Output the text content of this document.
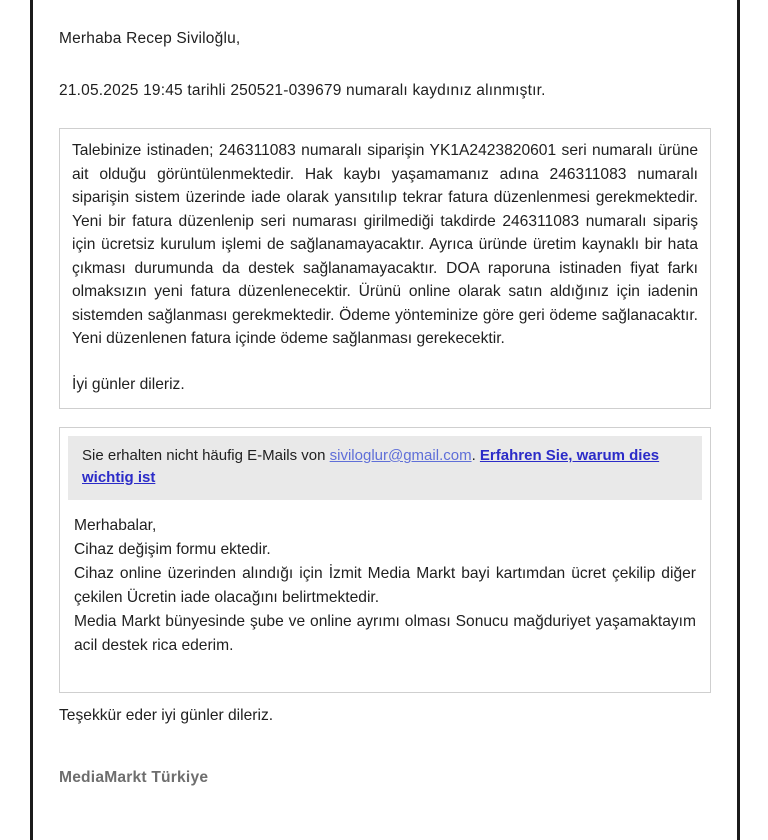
Merhaba Recep Siviloğlu,

21.05.2025 19:45 tarihli 250521-039679 numaralı kaydınız alınmıştır.

Talebinize istinaden; 246311083 numaralı siparişin YK1A2423820601 seri numaralı ürüne ait olduğu görüntülenmektedir. Hak kaybı yaşamamanız adına 246311083 numaralı siparişin sistem üzerinde iade olarak yansıtılıp tekrar fatura düzenlenmesi gerekmektedir. Yeni bir fatura düzenlenip seri numarası girilmediği takdirde 246311083 numaralı sipariş için ücretsiz kurulum işlemi de sağlanamayacaktır. Ayrıca üründe üretim kaynaklı bir hata çıkması durumunda da destek sağlanamayacaktır. DOA raporuna istinaden fiyat farkı olmaksızın yeni fatura düzenlenecektir. Ürünü online olarak satın aldığınız için iadenin sistemden sağlanması gerekmektedir. Ödeme yönteminize göre geri ödeme sağlanacaktır. Yeni düzenlenen fatura içinde ödeme sağlanması gerekecektir.

İyi günler dileriz.

Sie erhalten nicht häufig E-Mails von siviloglur@gmail.com. Erfahren Sie, warum dies wichtig ist

Merhabalar,

Cihaz değişim formu ektedir.

Cihaz online üzerinden alındığı için İzmit Media Markt bayi kartımdan ücret çekilip diğer çekilen Ücretin iade olacağını belirtmektedir.

Media Markt bünyesinde şube ve online ayrımı olması Sonucu mağduriyet yaşamaktayım acil destek rica ederim.

Teşekkür eder iyi günler dileriz.

MediaMarkt Türkiye
